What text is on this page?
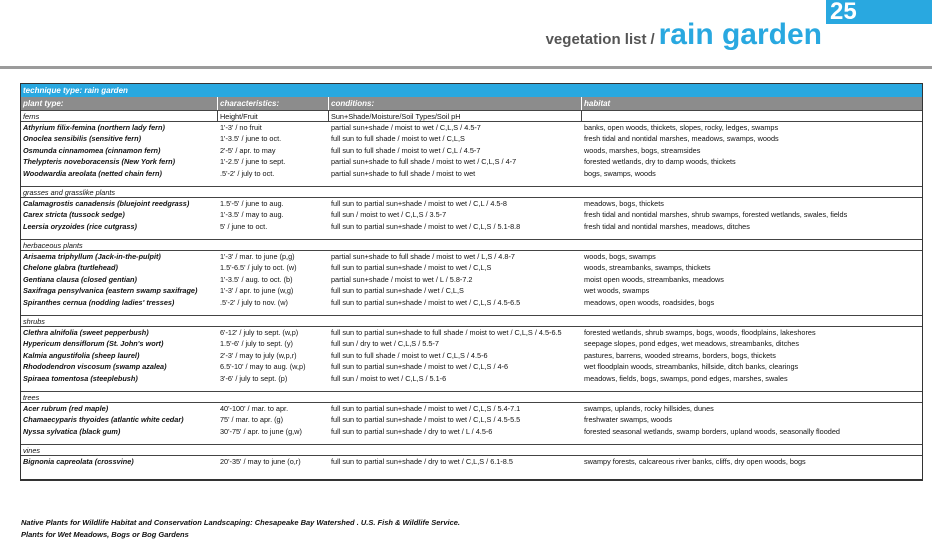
25
vegetation list / rain garden
technique type: rain garden
plant type:	characteristics:	conditions:	habitat
ferns	Height/Fruit	Sun+Shade/Moisture/Soil Types/Soil pH
Athyrium filix-femina (northern lady fern)	1'-3' / no fruit	partial sun+shade / moist to wet / C,L,S / 4.5-7	banks, open woods, thickets, slopes, rocky, ledges, swamps
Onoclea sensibilis (sensitive fern)	1'-3.5' / june to oct.	full sun to full shade / moist to wet / C,L,S	fresh tidal and nontidal marshes, meadows, swamps, woods
Osmunda cinnamomea (cinnamon fern)	2'-5' / apr. to may	full sun to full shade / moist to wet / C,L / 4.5-7	woods, marshes, bogs, streamsides
Thelypteris noveboracensis (New York fern)	1'-2.5' / june to sept.	partial sun+shade to full shade / moist to wet / C,L,S / 4-7	forested wetlands, dry to damp woods, thickets
Woodwardia areolata (netted chain fern)	.5'-2' / july to oct.	partial sun+shade to full shade / moist to wet	bogs, swamps, woods
grasses and grasslike plants
Calamagrostis canadensis (bluejoint reedgrass)	1.5'-5' / june to aug.	full sun to partial sun+shade / moist to wet / C,L / 4.5-8	meadows, bogs, thickets
Carex stricta (tussock sedge)	1'-3.5' / may to aug.	full sun / moist to wet / C,L,S / 3.5-7	fresh tidal and nontidal marshes, shrub swamps, forested wetlands, swales, fields
Leersia oryzoides (rice cutgrass)	5' / june to oct.	full sun to partial sun+shade / moist to wet / C,L,S / 5.1-8.8	fresh tidal and nontidal marshes, meadows, ditches
herbaceous plants
Arisaema triphyllum (Jack-in-the-pulpit)	1'-3' / mar. to june (p,g)	partial sun+shade to full shade / moist to wet / L,S / 4.8-7	woods, bogs, swamps
Chelone glabra (turtlehead)	1.5'-6.5' / july to oct. (w)	full sun to partial sun+shade / moist to wet / C,L,S	woods, streambanks, swamps, thickets
Gentiana clausa (closed gentian)	1'-3.5' / aug. to oct. (b)	partial sun+shade / moist to wet / L / 5.8-7.2	moist open woods, streambanks, meadows
Saxifraga pensylvanica (eastern swamp saxifrage)	1'-3' / apr. to june (w,g)	full sun to partial sun+shade / wet / C,L,S	wet woods, swamps
Spiranthes cernua (nodding ladies' tresses)	.5'-2' / july to nov. (w)	full sun to partial sun+shade / moist to wet / C,L,S / 4.5-6.5	meadows, open woods, roadsides, bogs
shrubs
Clethra alnifolia (sweet pepperbush)	6'-12' / july to sept. (w,p)	full sun to partial sun+shade to full shade / moist to wet / C,L,S / 4.5-6.5	forested wetlands, shrub swamps, bogs, woods, floodplains, lakeshores
Hypericum densiflorum (St. John's wort)	1.5'-6' / july to sept. (y)	full sun / dry to wet / C,L,S / 5.5-7	seepage slopes, pond edges, wet meadows, streambanks, ditches
Kalmia angustifolia (sheep laurel)	2'-3' / may to july (w,p,r)	full sun to full shade / moist to wet / C,L,S / 4.5-6	pastures, barrens, wooded streams, borders, bogs, thickets
Rhododendron viscosum (swamp azalea)	6.5'-10' / may to aug. (w,p)	full sun to partial sun+shade / moist to wet / C,L,S / 4-6	wet floodplain woods, streambanks, hillside, ditch banks, clearings
Spiraea tomentosa (steeplebush)	3'-6' / july to sept. (p)	full sun / moist to wet / C,L,S / 5.1-6	meadows, fields, bogs, swamps, pond edges, marshes, swales
trees
Acer rubrum (red maple)	40'-100' / mar. to apr.	full sun to partial sun+shade / moist to wet / C,L,S / 5.4-7.1	swamps, uplands, rocky hillsides, dunes
Chamaecyparis thyoides (atlantic white cedar)	75' / mar. to apr. (g)	full sun to partial sun+shade / moist to wet / C,L,S / 4.5-5.5	freshwater swamps, woods
Nyssa sylvatica (black gum)	30'-75' / apr. to june (g,w)	full sun to partial sun+shade / dry to wet / L / 4.5-6	forested seasonal wetlands, swamp borders, upland woods, seasonally flooded
vines
Bignonia capreolata (crossvine)	20'-35' / may to june (o,r)	full sun to partial sun+shade / dry to wet / C,L,S / 6.1-8.5	swampy forests, calcareous river banks, cliffs, dry open woods, bogs
Native Plants for Wildlife Habitat and Conservation Landscaping: Chesapeake Bay Watershed . U.S. Fish & Wildlife Service.
Plants for Wet Meadows, Bogs or Bog Gardens
